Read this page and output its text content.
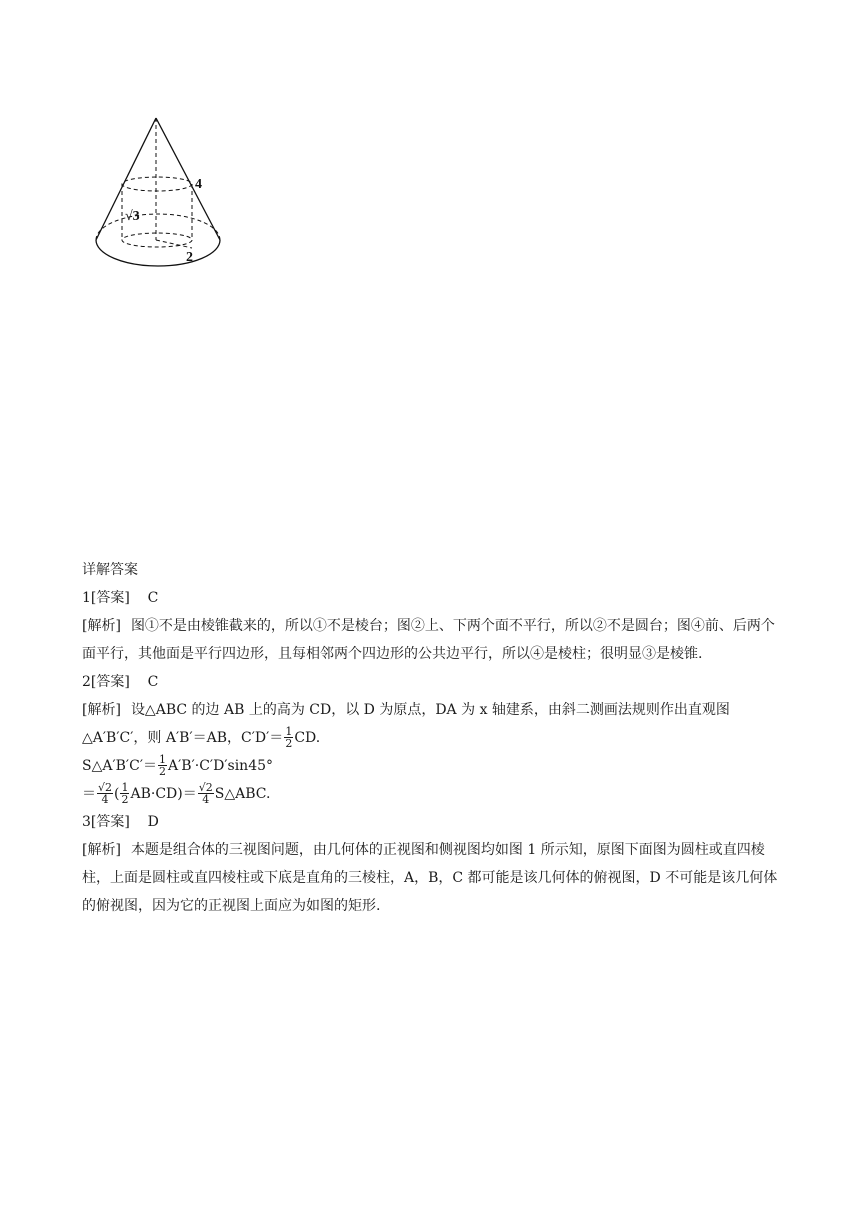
4
√3
2

详解答案

1[答案] C

[解析] 图①不是由棱锥截来的，所以①不是棱台；图②上、下两个面不平行，所以②不是圆台；图④前、后两个面平行，其他面是平行四边形，且每相邻两个四边形的公共边平行，所以④是棱柱；很明显③是棱锥.

2[答案] C

[解析] 设△ABC 的边 AB 上的高为 CD，以 D 为原点，DA 为 x 轴建系，由斜二测画法规则作出直观图△A′B′C′，则 A′B′＝AB，$C'D'= \frac{1}{2}$ CD.

S△A′B′C′＝ $\frac{1}{2} A'B'\cdot C'D'\sin 45^\circ$

＝ $\frac{√2}{4}$ ( $\frac{1}{2} AB\cdot CD)= \frac{√2}{4}$ S△ABC.

3[答案] D

[解析] 本题是组合体的三视图问题，由几何体的正视图和侧视图均如图 1 所示知，原图下面图为圆柱或直四棱柱，上面是圆柱或直四棱柱或下底是直角的三棱柱，A，B，C 都可能是该几何体的俯视图，D 不可能是该几何体的俯视图，因为它的正视图上面应为如图的矩形.
